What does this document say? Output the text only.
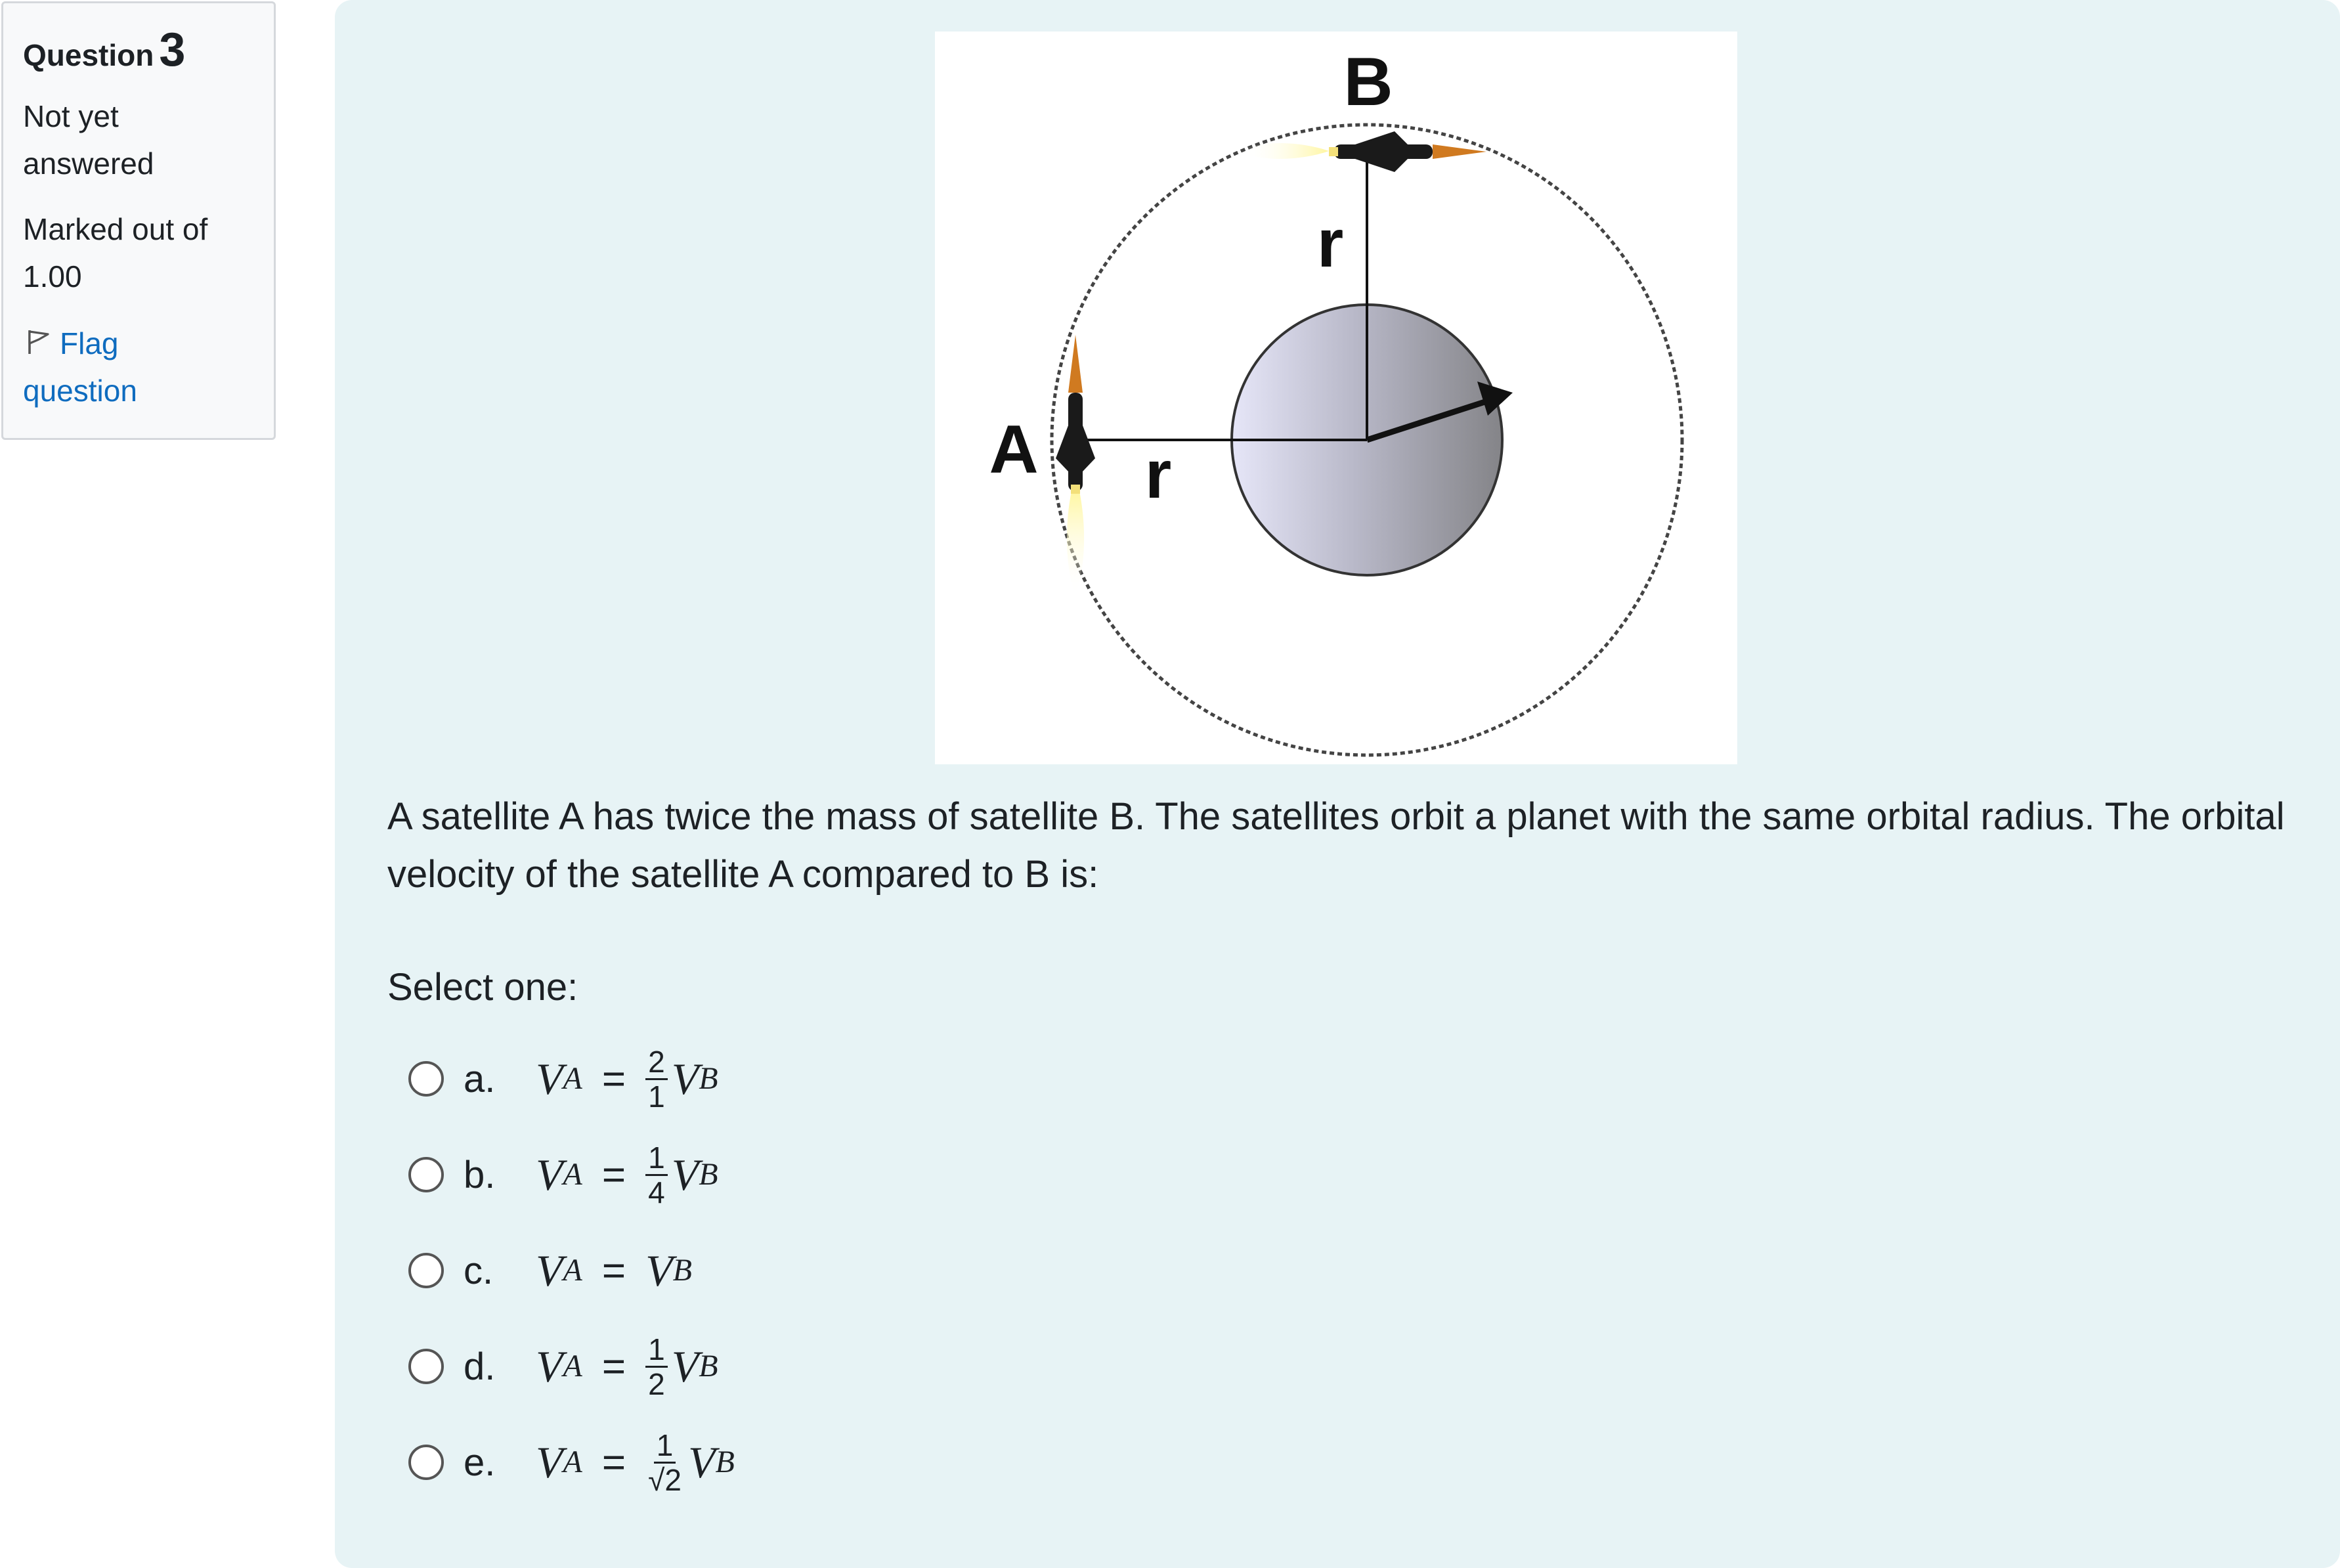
Question 3
Not yet
answered
Marked out of
1.00
Flag
question
B
r
A r
A satellite A has twice the mass of satellite B. The satellites orbit a planet with the same orbital radius. The orbital velocity of the satellite A compared to B is:
Select one:
a. V $A = \frac{2}{1}$ V B
b. V $A = \frac{1}{4}$ V B
c. V A = V B
d. V $A = \frac{1}{2}$ V B
e. V $A = \frac{1}{√2}$ V B
